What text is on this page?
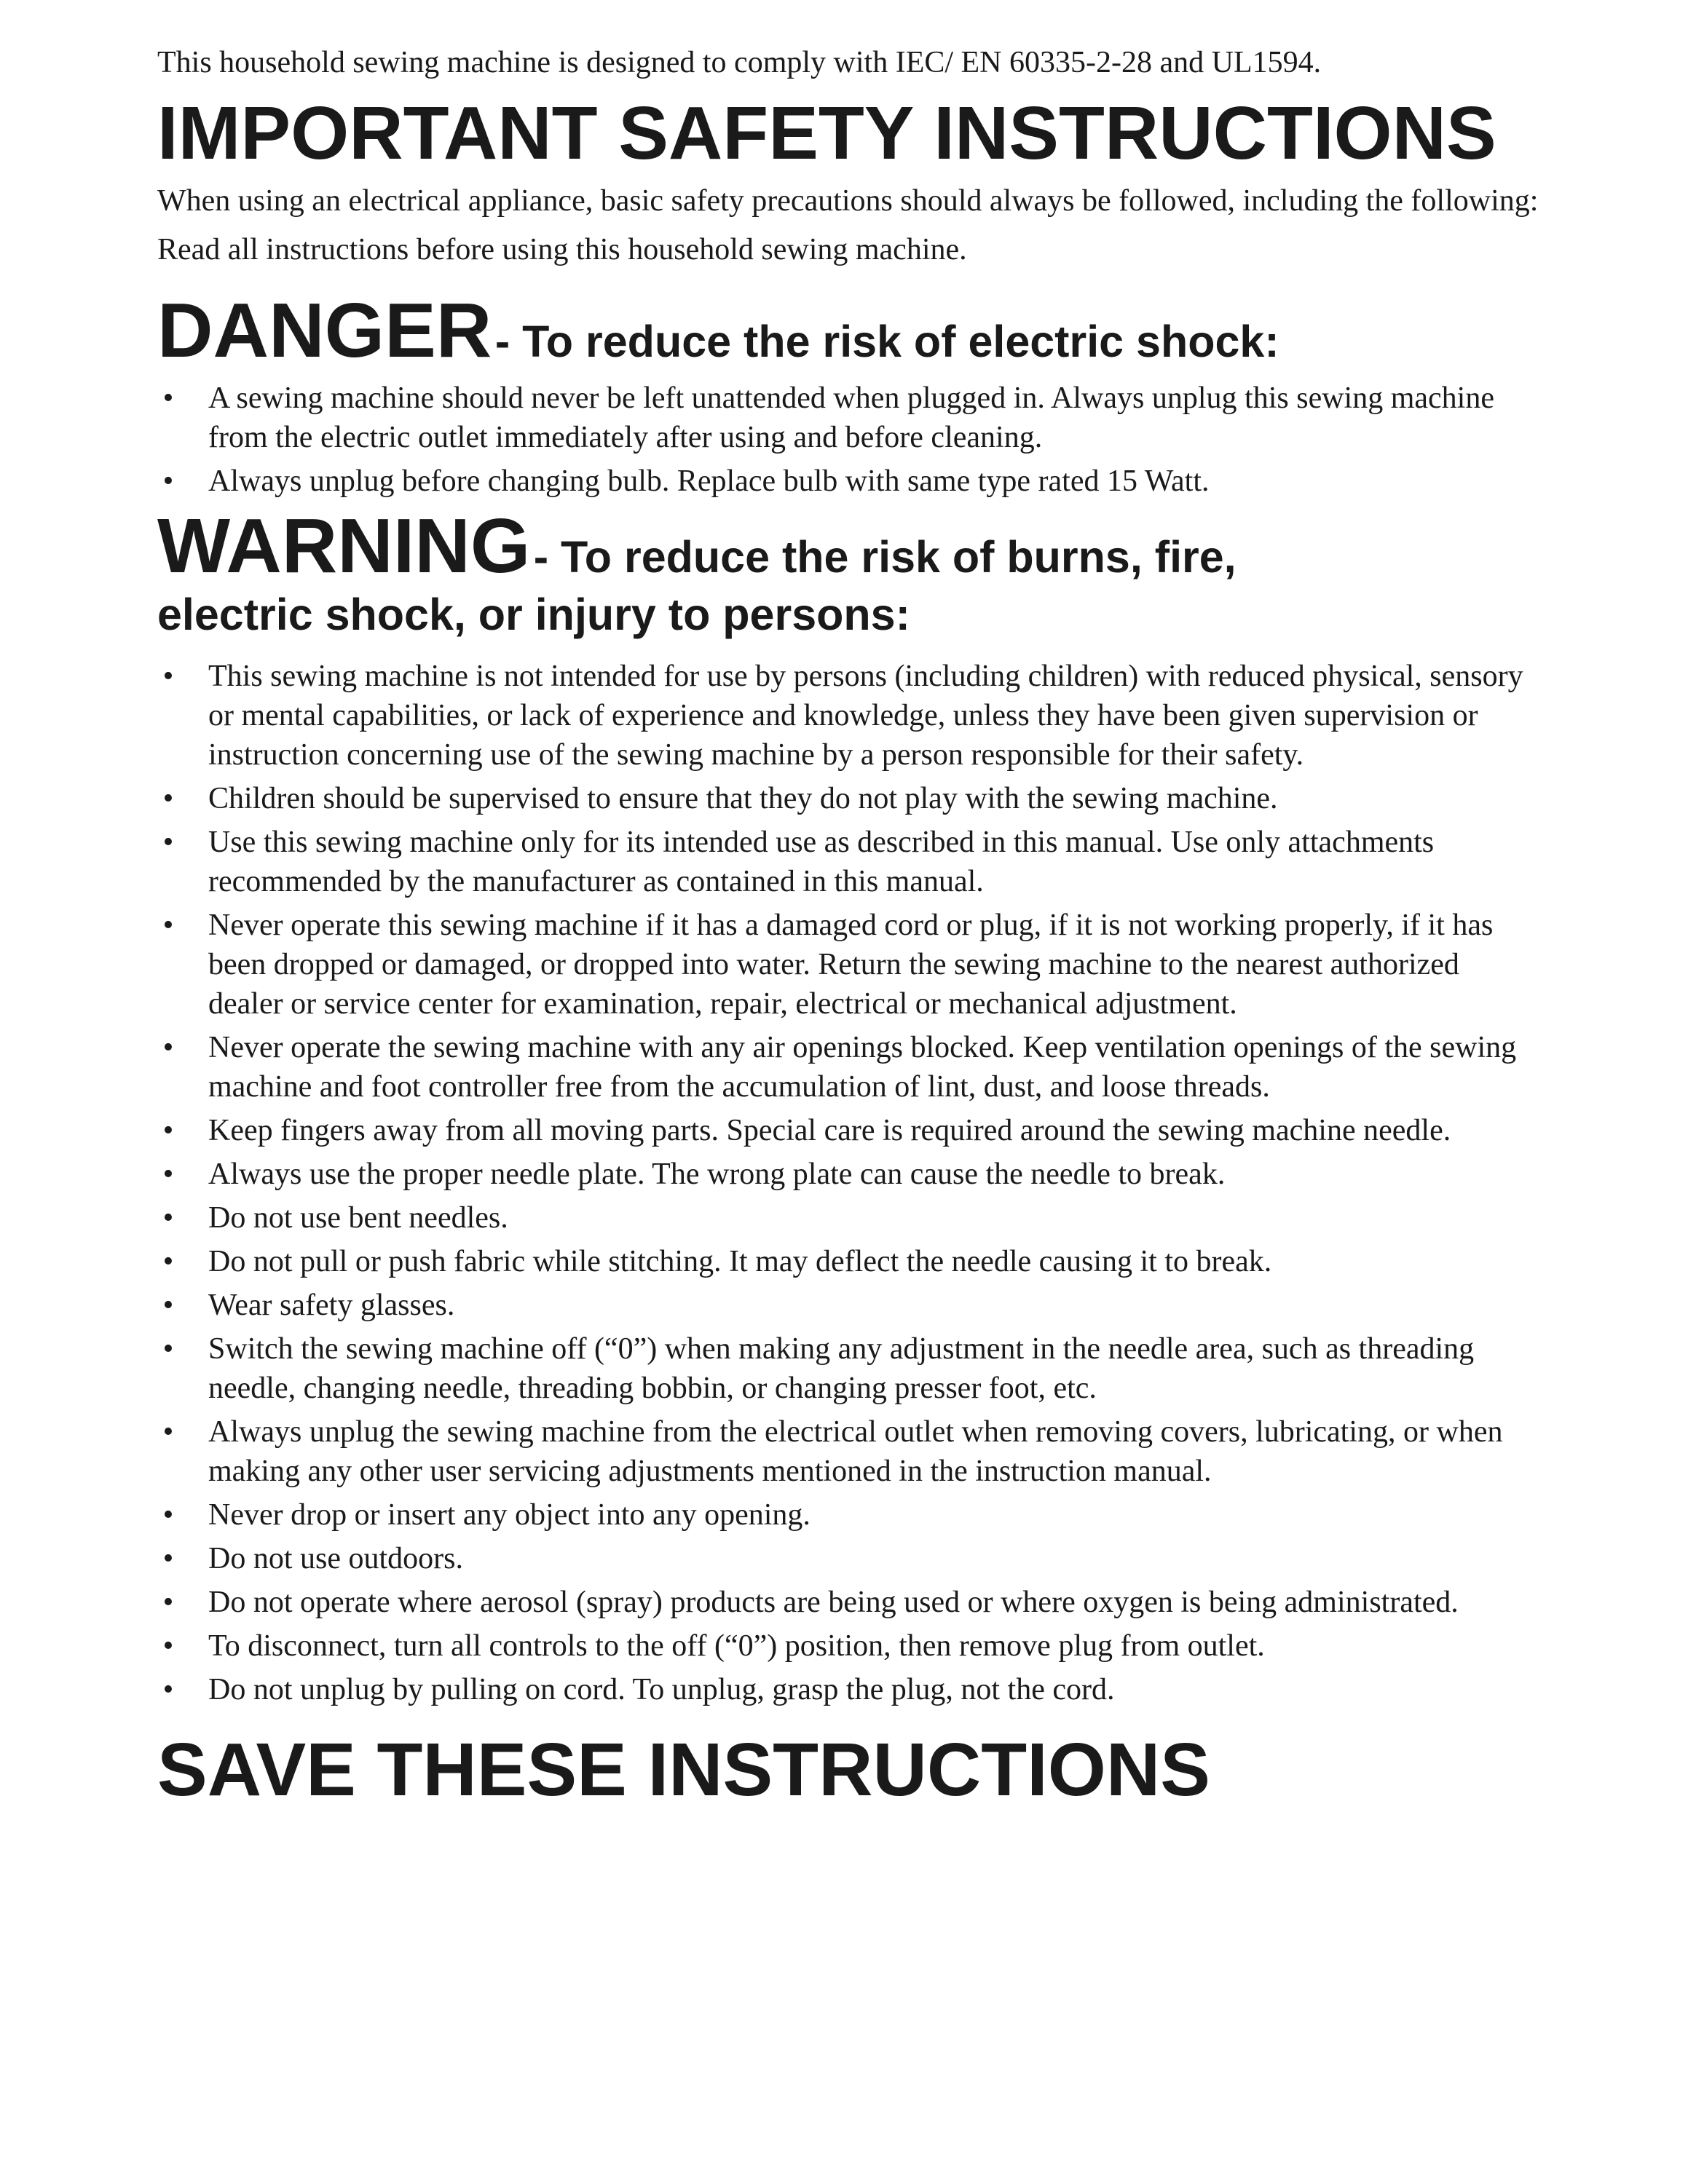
This household sewing machine is designed to comply with IEC/ EN 60335-2-28 and UL1594.

IMPORTANT SAFETY INSTRUCTIONS

When using an electrical appliance, basic safety precautions should always be followed, including the following:

Read all instructions before using this household sewing machine.

DANGER - To reduce the risk of electric shock:
• A sewing machine should never be left unattended when plugged in. Always unplug this sewing machine from the electric outlet immediately after using and before cleaning.
• Always unplug before changing bulb. Replace bulb with same type rated 15 Watt.
WARNING - To reduce the risk of burns, fire,
electric shock, or injury to persons:
• This sewing machine is not intended for use by persons (including children) with reduced physical, sensory or mental capabilities, or lack of experience and knowledge, unless they have been given supervision or instruction concerning use of the sewing machine by a person responsible for their safety.
• Children should be supervised to ensure that they do not play with the sewing machine.
• Use this sewing machine only for its intended use as described in this manual. Use only attachments recommended by the manufacturer as contained in this manual.
• Never operate this sewing machine if it has a damaged cord or plug, if it is not working properly, if it has been dropped or damaged, or dropped into water. Return the sewing machine to the nearest authorized dealer or service center for examination, repair, electrical or mechanical adjustment.
• Never operate the sewing machine with any air openings blocked. Keep ventilation openings of the sewing machine and foot controller free from the accumulation of lint, dust, and loose threads.
• Keep fingers away from all moving parts. Special care is required around the sewing machine needle.
• Always use the proper needle plate. The wrong plate can cause the needle to break.
• Do not use bent needles.
• Do not pull or push fabric while stitching. It may deflect the needle causing it to break.
• Wear safety glasses.
• Switch the sewing machine off (“0”) when making any adjustment in the needle area, such as threading needle, changing needle, threading bobbin, or changing presser foot, etc.
• Always unplug the sewing machine from the electrical outlet when removing covers, lubricating, or when making any other user servicing adjustments mentioned in the instruction manual.
• Never drop or insert any object into any opening.
• Do not use outdoors.
• Do not operate where aerosol (spray) products are being used or where oxygen is being administrated.
• To disconnect, turn all controls to the off (“0”) position, then remove plug from outlet.
• Do not unplug by pulling on cord. To unplug, grasp the plug, not the cord.
SAVE THESE INSTRUCTIONS
